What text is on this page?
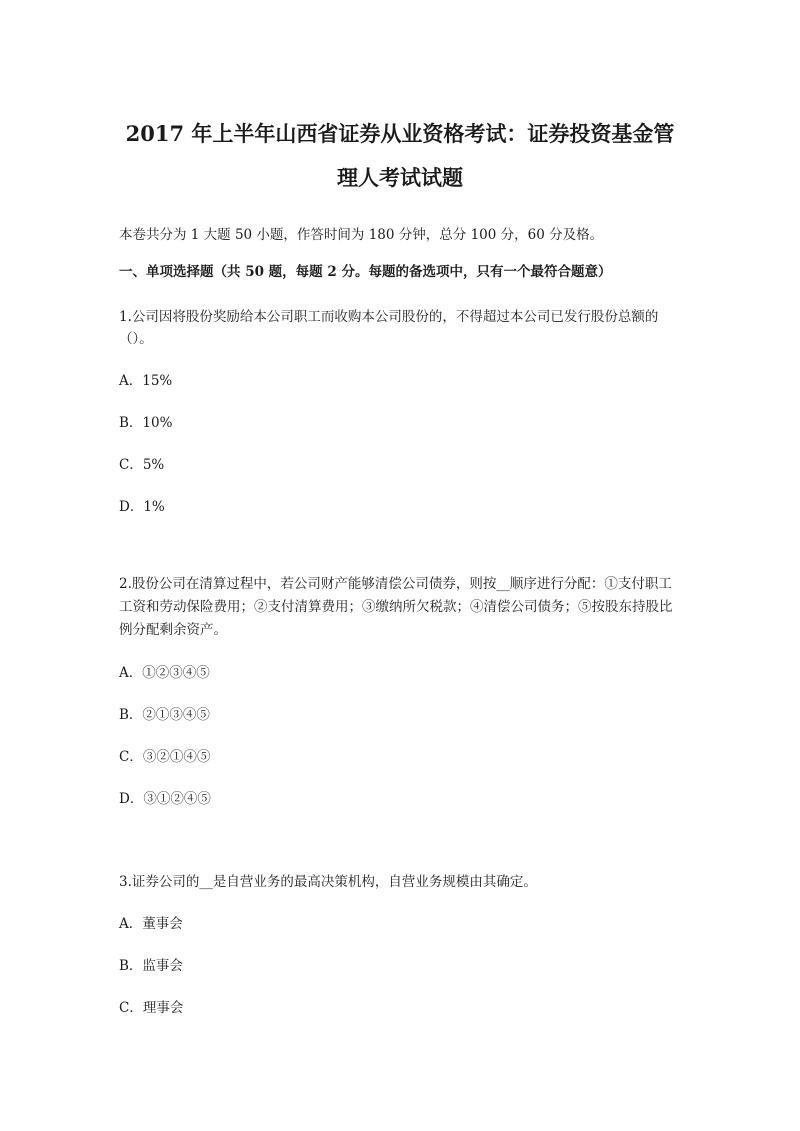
2017 年上半年山西省证券从业资格考试：证券投资基金管
理人考试试题
本卷共分为 1 大题 50 小题，作答时间为 180 分钟，总分 100 分，60 分及格。
一、单项选择题（共 50 题，每题 2 分。每题的备选项中，只有一个最符合题意）
1.公司因将股份奖励给本公司职工而收购本公司股份的，不得超过本公司已发行股份总额的
（）。
A．15%
B．10%
C．5%
D．1%
2.股份公司在清算过程中，若公司财产能够清偿公司债券，则按__顺序进行分配：①支付职工
工资和劳动保险费用；②支付清算费用；③缴纳所欠税款；④清偿公司债务；⑤按股东持股比
例分配剩余资产。
A．①②③④⑤
B．②①③④⑤
C．③②①④⑤
D．③①②④⑤
3.证券公司的__是自营业务的最高决策机构，自营业务规模由其确定。
A．董事会
B．监事会
C．理事会
